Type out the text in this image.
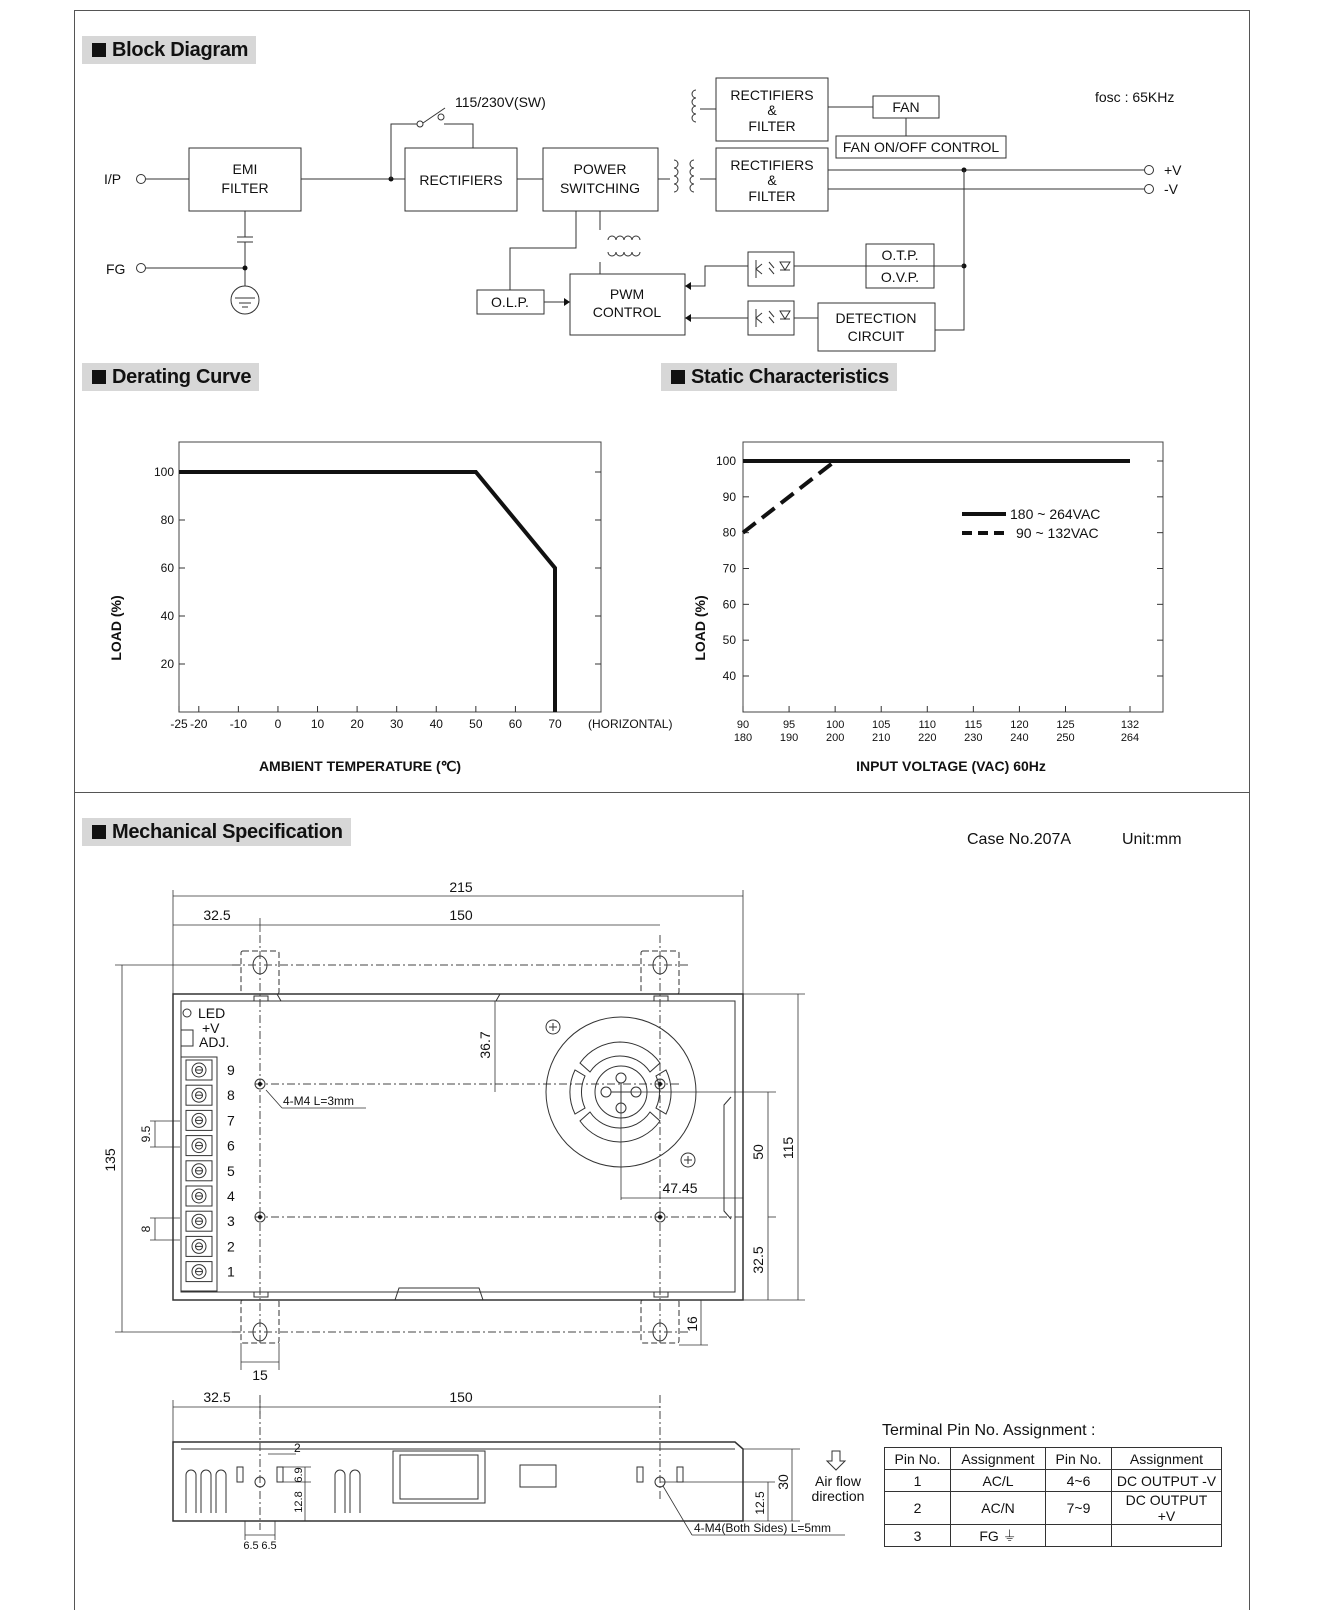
Block Diagram
Derating Curve	Static Characteristics
Mechanical Specification	Case No.207A	Unit:mm
I/P
EMI
FILTER
115/230V(SW)
RECTIFIERS
POWER
SWITCHING
RECTIFIERS
&
FILTER
FAN
FAN ON/OFF CONTROL
fosc : 65KHz
RECTIFIERS
&
FILTER
+V
-V
FG
PWM
CONTROL
O.L.P.
O.T.P.
O.V.P.
DETECTION
CIRCUIT
100
80
60
40
20
-25 -20 -10 0 10 20 30 40 50 60 70 (HORIZONTAL)
LOAD (%)
AMBIENT TEMPERATURE (℃)
100
90
80
70
60
50
40
90
180
95
190
100
200
105
210
110
220
115
230
120
240
125
250
132
264
180 ~ 264VAC
90 ~ 132VAC
LOAD (%)
INPUT VOLTAGE (VAC) 60Hz
LED
+V
ADJ.
9
8
7
6
5
4
3
2
1
215
32.5	150
135
115
50
32.5
36.7
47.45
16
15
9.5
8
4-M4 L=3mm
32.5	150
2
6.9
12.8
6.5 6.5
30
12.5
4-M4(Both Sides) L=5mm
Air flow
direction
Terminal Pin No. Assignment :
Pin No.	Assignment	Pin No.	Assignment
1	AC/L	4~6	DC OUTPUT -V
2	AC/N	7~9	DC OUTPUT +V
3	FG ⏚		
